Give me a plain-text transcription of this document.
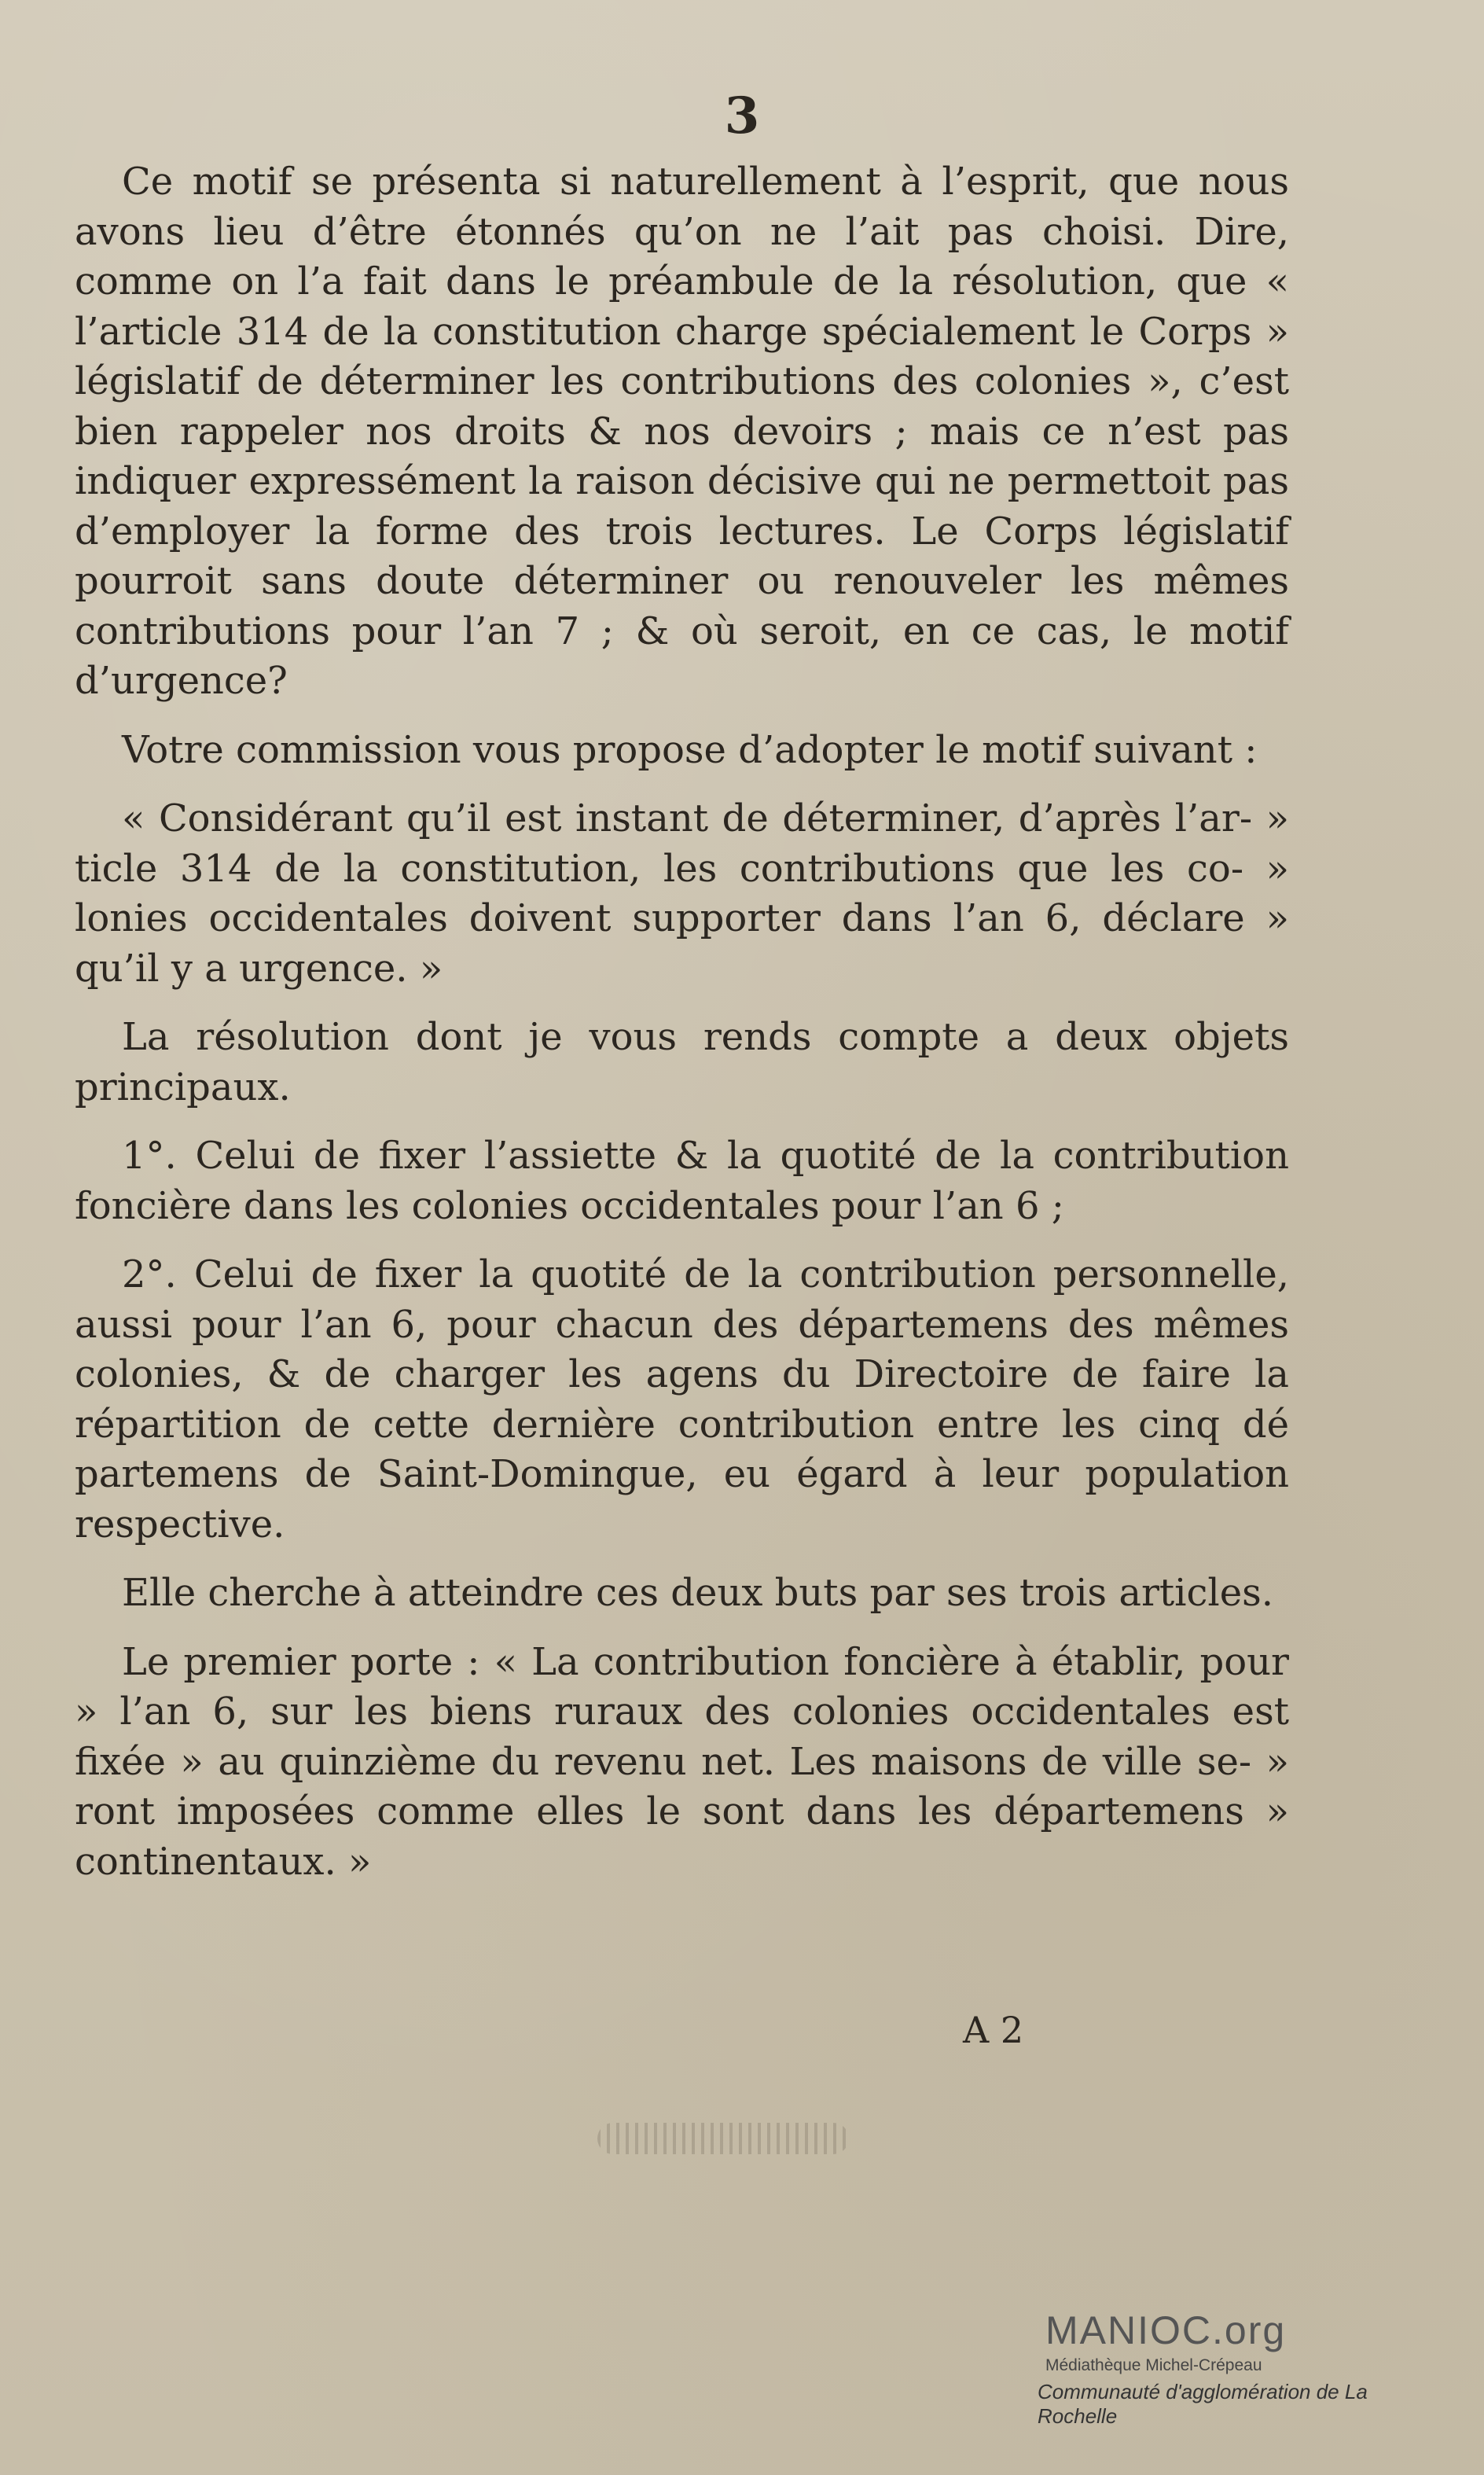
3

Ce motif se présenta si naturellement à l’esprit, que nous avons lieu d’être étonnés qu’on ne l’ait pas choisi. Dire, comme on l’a fait dans le préambule de la résolution, que « l’article 314 de la constitution charge spécialement le Corps » législatif de déterminer les contributions des colonies », c’est bien rappeler nos droits & nos devoirs ; mais ce n’est pas indiquer expressément la raison décisive qui ne permettoit pas d’employer la forme des trois lectures. Le Corps législatif pourroit sans doute déterminer ou renouveler les mêmes contributions pour l’an 7 ; & où seroit, en ce cas, le motif d’urgence?

Votre commission vous propose d’adopter le motif suivant :

« Considérant qu’il est instant de déterminer, d’après l’ar- » ticle 314 de la constitution, les contributions que les co- » lonies occidentales doivent supporter dans l’an 6, déclare » qu’il y a urgence. »

La résolution dont je vous rends compte a deux objets principaux.

1°. Celui de fixer l’assiette & la quotité de la contribution foncière dans les colonies occidentales pour l’an 6 ;

2°. Celui de fixer la quotité de la contribution personnelle, aussi pour l’an 6, pour chacun des départemens des mêmes colonies, & de charger les agens du Directoire de faire la répartition de cette dernière contribution entre les cinq dé partemens de Saint-Domingue, eu égard à leur population respective.

Elle cherche à atteindre ces deux buts par ses trois articles.

Le premier porte : « La contribution foncière à établir, pour » l’an 6, sur les biens ruraux des colonies occidentales est fixée » au quinzième du revenu net. Les maisons de ville se- » ront imposées comme elles le sont dans les départemens » continentaux. »

A 2
MANIOC.org
Médiathèque Michel-Crépeau
Communauté d'agglomération de La Rochelle
